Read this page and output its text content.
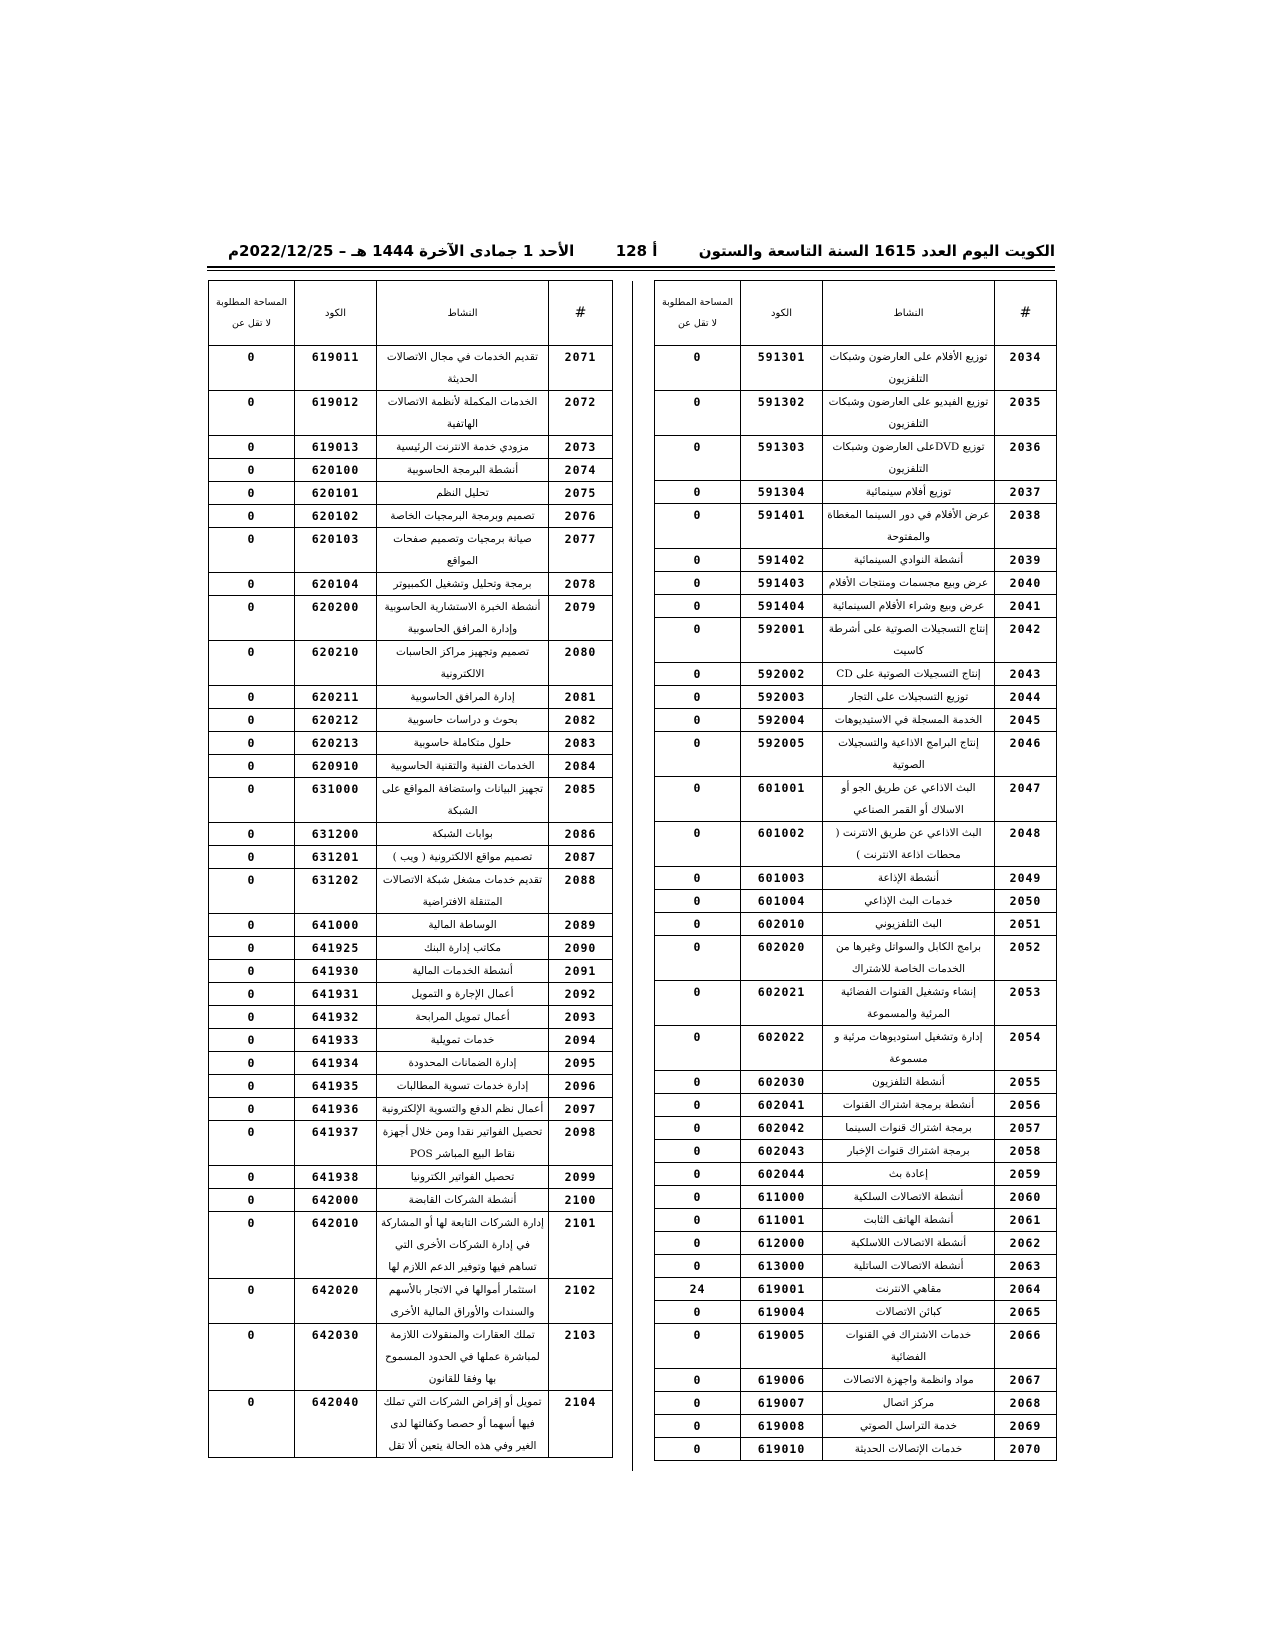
الكويت اليوم العدد 1615 السنة التاسعة والستون
أ 128
الأحد 1 جمادى الآخرة 1444 هـ – 2022/12/25م
#	النشاط	الكود	المساحة المطلوبة لا تقل عن
2034	توزيع الأفلام على العارضون وشبكات التلفزيون	591301	0
2035	توزيع الفيديو على العارضون وشبكات التلفزيون	591302	0
2036	توزيع DVDعلى العارضون وشبكات التلفزيون	591303	0
2037	توزيع أفلام سينمائية	591304	0
2038	عرض الأفلام في دور السينما المغطاة والمفتوحة	591401	0
2039	أنشطة النوادي السينمائية	591402	0
2040	عرض وبيع مجسمات ومنتجات الأفلام	591403	0
2041	عرض وبيع وشراء الأفلام السينمائية	591404	0
2042	إنتاج التسجيلات الصوتية على أشرطة كاسيت	592001	0
2043	إنتاج التسجيلات الصوتية على CD	592002	0
2044	توزيع التسجيلات على التجار	592003	0
2045	الخدمة المسجلة في الاستيديوهات	592004	0
2046	إنتاج البرامج الاذاعية والتسجيلات الصوتية	592005	0
2047	البث الاذاعي عن طريق الجو أو الاسلاك أو القمر الصناعي	601001	0
2048	البث الاذاعي عن طريق الانترنت ( محطات اذاعة الانترنت )	601002	0
2049	أنشطة الإذاعة	601003	0
2050	خدمات البث الإذاعي	601004	0
2051	البث التلفزيوني	602010	0
2052	برامج الكابل والسواتل وغيرها من الخدمات الخاصة للاشتراك	602020	0
2053	إنشاء وتشغيل القنوات الفضائية المرئية والمسموعة	602021	0
2054	إدارة وتشغيل استوديوهات مرئية و مسموعة	602022	0
2055	أنشطة التلفزيون	602030	0
2056	أنشطة برمجة اشتراك القنوات	602041	0
2057	برمجة اشتراك قنوات السينما	602042	0
2058	برمجة اشتراك قنوات الإخبار	602043	0
2059	إعادة بث	602044	0
2060	أنشطة الاتصالات السلكية	611000	0
2061	أنشطة الهاتف الثابت	611001	0
2062	أنشطة الاتصالات اللاسلكية	612000	0
2063	أنشطة الاتصالات الساتلية	613000	0
2064	مقاهي الانترنت	619001	24
2065	كبائن الاتصالات	619004	0
2066	خدمات الاشتراك في القنوات الفضائية	619005	0
2067	مواد وانظمة واجهزة الاتصالات	619006	0
2068	مركز اتصال	619007	0
2069	خدمة التراسل الصوتي	619008	0
2070	خدمات الإتصالات الحديثة	619010	0
#	النشاط	الكود	المساحة المطلوبة لا تقل عن
2071	تقديم الخدمات في مجال الاتصالات الحديثة	619011	0
2072	الخدمات المكملة لأنظمة الاتصالات الهاتفية	619012	0
2073	مزودي خدمة الانترنت الرئيسية	619013	0
2074	أنشطة البرمجة الحاسوبية	620100	0
2075	تحليل النظم	620101	0
2076	تصميم وبرمجة البرمجيات الخاصة	620102	0
2077	صيانة برمجيات وتصميم صفحات المواقع	620103	0
2078	برمجة وتحليل وتشغيل الكمبيوتر	620104	0
2079	أنشطة الخبرة الاستشارية الحاسوبية وإدارة المرافق الحاسوبية	620200	0
2080	تصميم وتجهيز مراكز الحاسبات الالكترونية	620210	0
2081	إدارة المرافق الحاسوبية	620211	0
2082	بحوث و دراسات حاسوبية	620212	0
2083	حلول متكاملة حاسوبية	620213	0
2084	الخدمات الفنية والتقنية الحاسوبية	620910	0
2085	تجهيز البيانات واستضافة المواقع على الشبكة	631000	0
2086	بوابات الشبكة	631200	0
2087	تصميم مواقع الالكترونية ( ويب )	631201	0
2088	تقديم خدمات مشغل شبكة الاتصالات المتنقلة الافتراضية	631202	0
2089	الوساطة المالية	641000	0
2090	مكاتب إدارة البنك	641925	0
2091	أنشطة الخدمات المالية	641930	0
2092	أعمال الإجارة و التمويل	641931	0
2093	أعمال تمويل المرابحة	641932	0
2094	خدمات تمويلية	641933	0
2095	إدارة الضمانات المحدودة	641934	0
2096	إدارة خدمات تسوية المطالبات	641935	0
2097	أعمال نظم الدفع والتسوية الإلكترونية	641936	0
2098	تحصيل الفواتير نقدا ومن خلال أجهزة نقاط البيع المباشر POS	641937	0
2099	تحصيل الفواتير الكترونيا	641938	0
2100	أنشطة الشركات القابضة	642000	0
2101	إدارة الشركات التابعة لها أو المشاركة في إدارة الشركات الأخرى التي تساهم فيها وتوفير الدعم اللازم لها	642010	0
2102	استثمار أموالها في الاتجار بالأسهم والسندات والأوراق المالية الأخرى	642020	0
2103	تملك العقارات والمنقولات اللازمة لمباشرة عملها في الحدود المسموح بها وفقا للقانون	642030	0
2104	تمويل أو إقراض الشركات التي تملك فيها أسهما أو حصصا وكفالتها لدى الغير وفي هذه الحالة يتعين ألا تقل	642040	0
